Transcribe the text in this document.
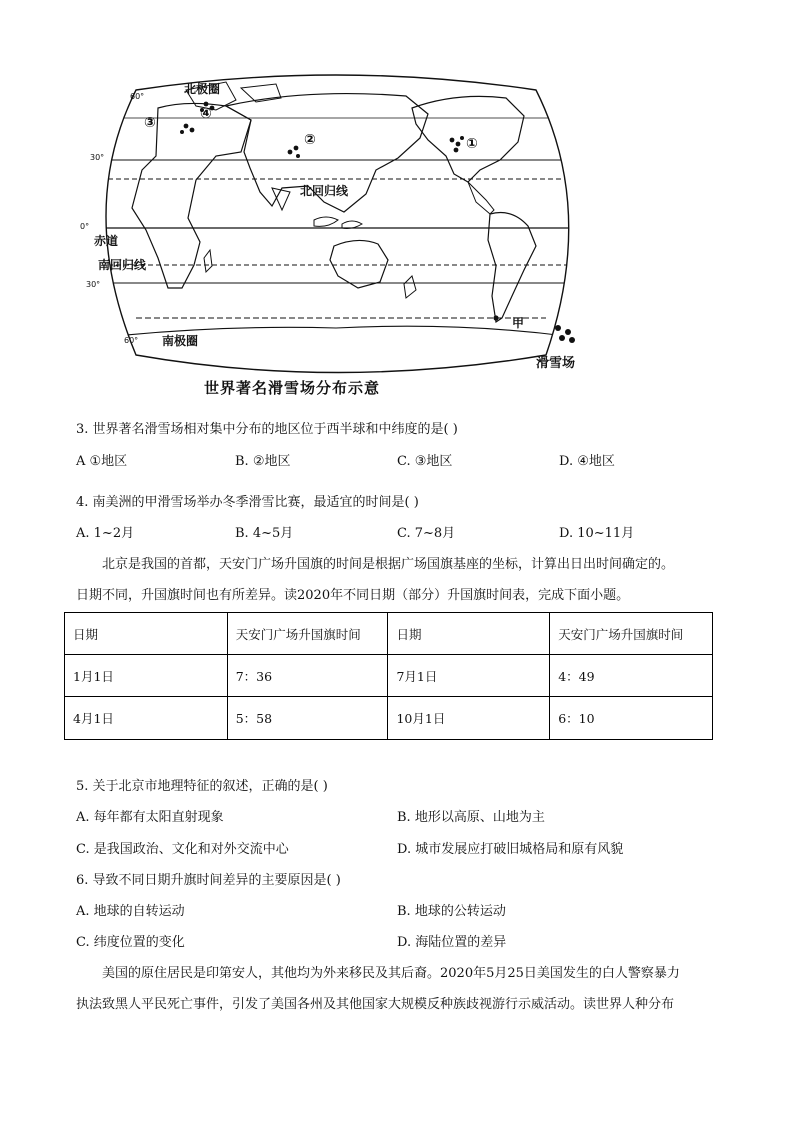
60°
30°
0°
30°
60°
北极圈
③
④
②	①
北回归线
赤道
南回归线
南极圈
甲
滑雪场
世界著名滑雪场分布示意
3. 世界著名滑雪场相对集中分布的地区位于西半球和中纬度的是( )
A ①地区	B. ②地区	C. ③地区	D. ④地区
4. 南美洲的甲滑雪场举办冬季滑雪比赛，最适宜的时间是( )
A. 1~2月	B. 4~5月	C. 7~8月	D. 10~11月
北京是我国的首都，天安门广场升国旗的时间是根据广场国旗基座的坐标，计算出日出时间确定的。
日期不同，升国旗时间也有所差异。读2020年不同日期（部分）升国旗时间表，完成下面小题。
日期	天安门广场升国旗时间	日期	天安门广场升国旗时间
1月1日	7：36	7月1日	4：49
4月1日	5：58	10月1日	6：10
5. 关于北京市地理特征的叙述，正确的是( )
A. 每年都有太阳直射现象	B. 地形以高原、山地为主
C. 是我国政治、文化和对外交流中心	D. 城市发展应打破旧城格局和原有风貌
6. 导致不同日期升旗时间差异的主要原因是( )
A. 地球的自转运动	B. 地球的公转运动
C. 纬度位置的变化	D. 海陆位置的差异
美国的原住居民是印第安人，其他均为外来移民及其后裔。2020年5月25日美国发生的白人警察暴力
执法致黑人平民死亡事件，引发了美国各州及其他国家大规模反种族歧视游行示威活动。读世界人种分布
